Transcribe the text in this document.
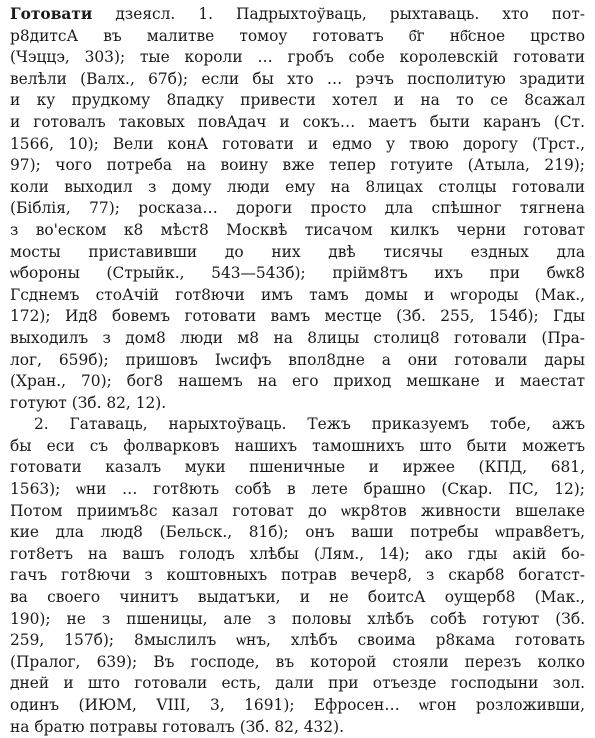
Готовати дзеясл. 1. Падрыхтоўваць, рыхтаваць. хто пот-
р8дитсА въ малитве томоу готоватъ б҃г нб҃сное црство
(Чэццэ, 303); тые короли … гробъ собе королевскій готовати
велѣли (Валх., 67б); если бы хто … рэчъ посполитую зрадити
и ку прудкому 8падку привести хотел и на то се 8сажал
и готовалъ таковых повАдач и сокъ… маетъ быти каранъ (Ст.
1566, 10); Вели конА готовати и едмо у твою дорогу (Трст.,
97); чого потреба на воину вже тепер готуите (Атыла, 219);
коли выходил з дому люди ему на 8лицах столцы готовали
(Біблія, 77); росказа… дороги просто дла спѣшног тягнена
з во'еском к8 мѣст8 Москвѣ тисачом килкъ черни готоват
мосты приставивши до них двѣ тисячы ездных дла
ѡбороны (Стрыйк., 543—543б); прійм8тъ ихъ при бѡк8
Гсднемъ стоАчій гот8ючи имъ тамъ домы и ѡгороды (Мак.,
172); Ид8 бовемъ готовати вамъ местце (Зб. 255, 154б); Гды
выходилъ з дом8 люди м8 на 8лицы столиц8 готовали (Пра-
лог, 659б); пришовъ Іѡсифъ впол8дне а они готовали дары
(Хран., 70); бог8 нашемъ на его приход мешкане и маестат
готуют (Зб. 82, 12).
2. Гатаваць, нарыхтоўваць. Тежъ приказуемъ тобе, ажъ
бы еси съ фолварковъ нашихъ тамошнихъ што быти можетъ
готовати казалъ муки пшеничные и иржеe (КПД, 681,
1563); ѡни … гот8ють собѣ в лете брашно (Скар. ПС, 12);
Потом приимъ8с казал готоват до ѡкр8тов живности вшелаке
кие дла люд8 (Бельск., 81б); онъ ваши потребы ѡправ8етъ,
гот8етъ на вашъ голодъ хлѣбы (Лям., 14); ако гды акій бо-
гачъ гот8ючи з коштовныхъ потрав вечер8, з скарб8 богатст-
ва своего чинитъ выдатъки, и не боитсА оущерб8 (Мак.,
190); не з пшеницы, але з половы хлѣбъ собѣ готуют (Зб.
259, 157б); 8мыслилъ ѡнъ, хлѣбъ своима р8кама готовать
(Пралог, 639); Въ господе, въ которой стояли перезъ колко
дней и што готовали есть, дали при отъезде господыни зол.
одинъ (ИЮМ, VIII, 3, 1691); Ефросен… ѡгон розложивши,
на братю потравы готовалъ (Зб. 82, 432).
